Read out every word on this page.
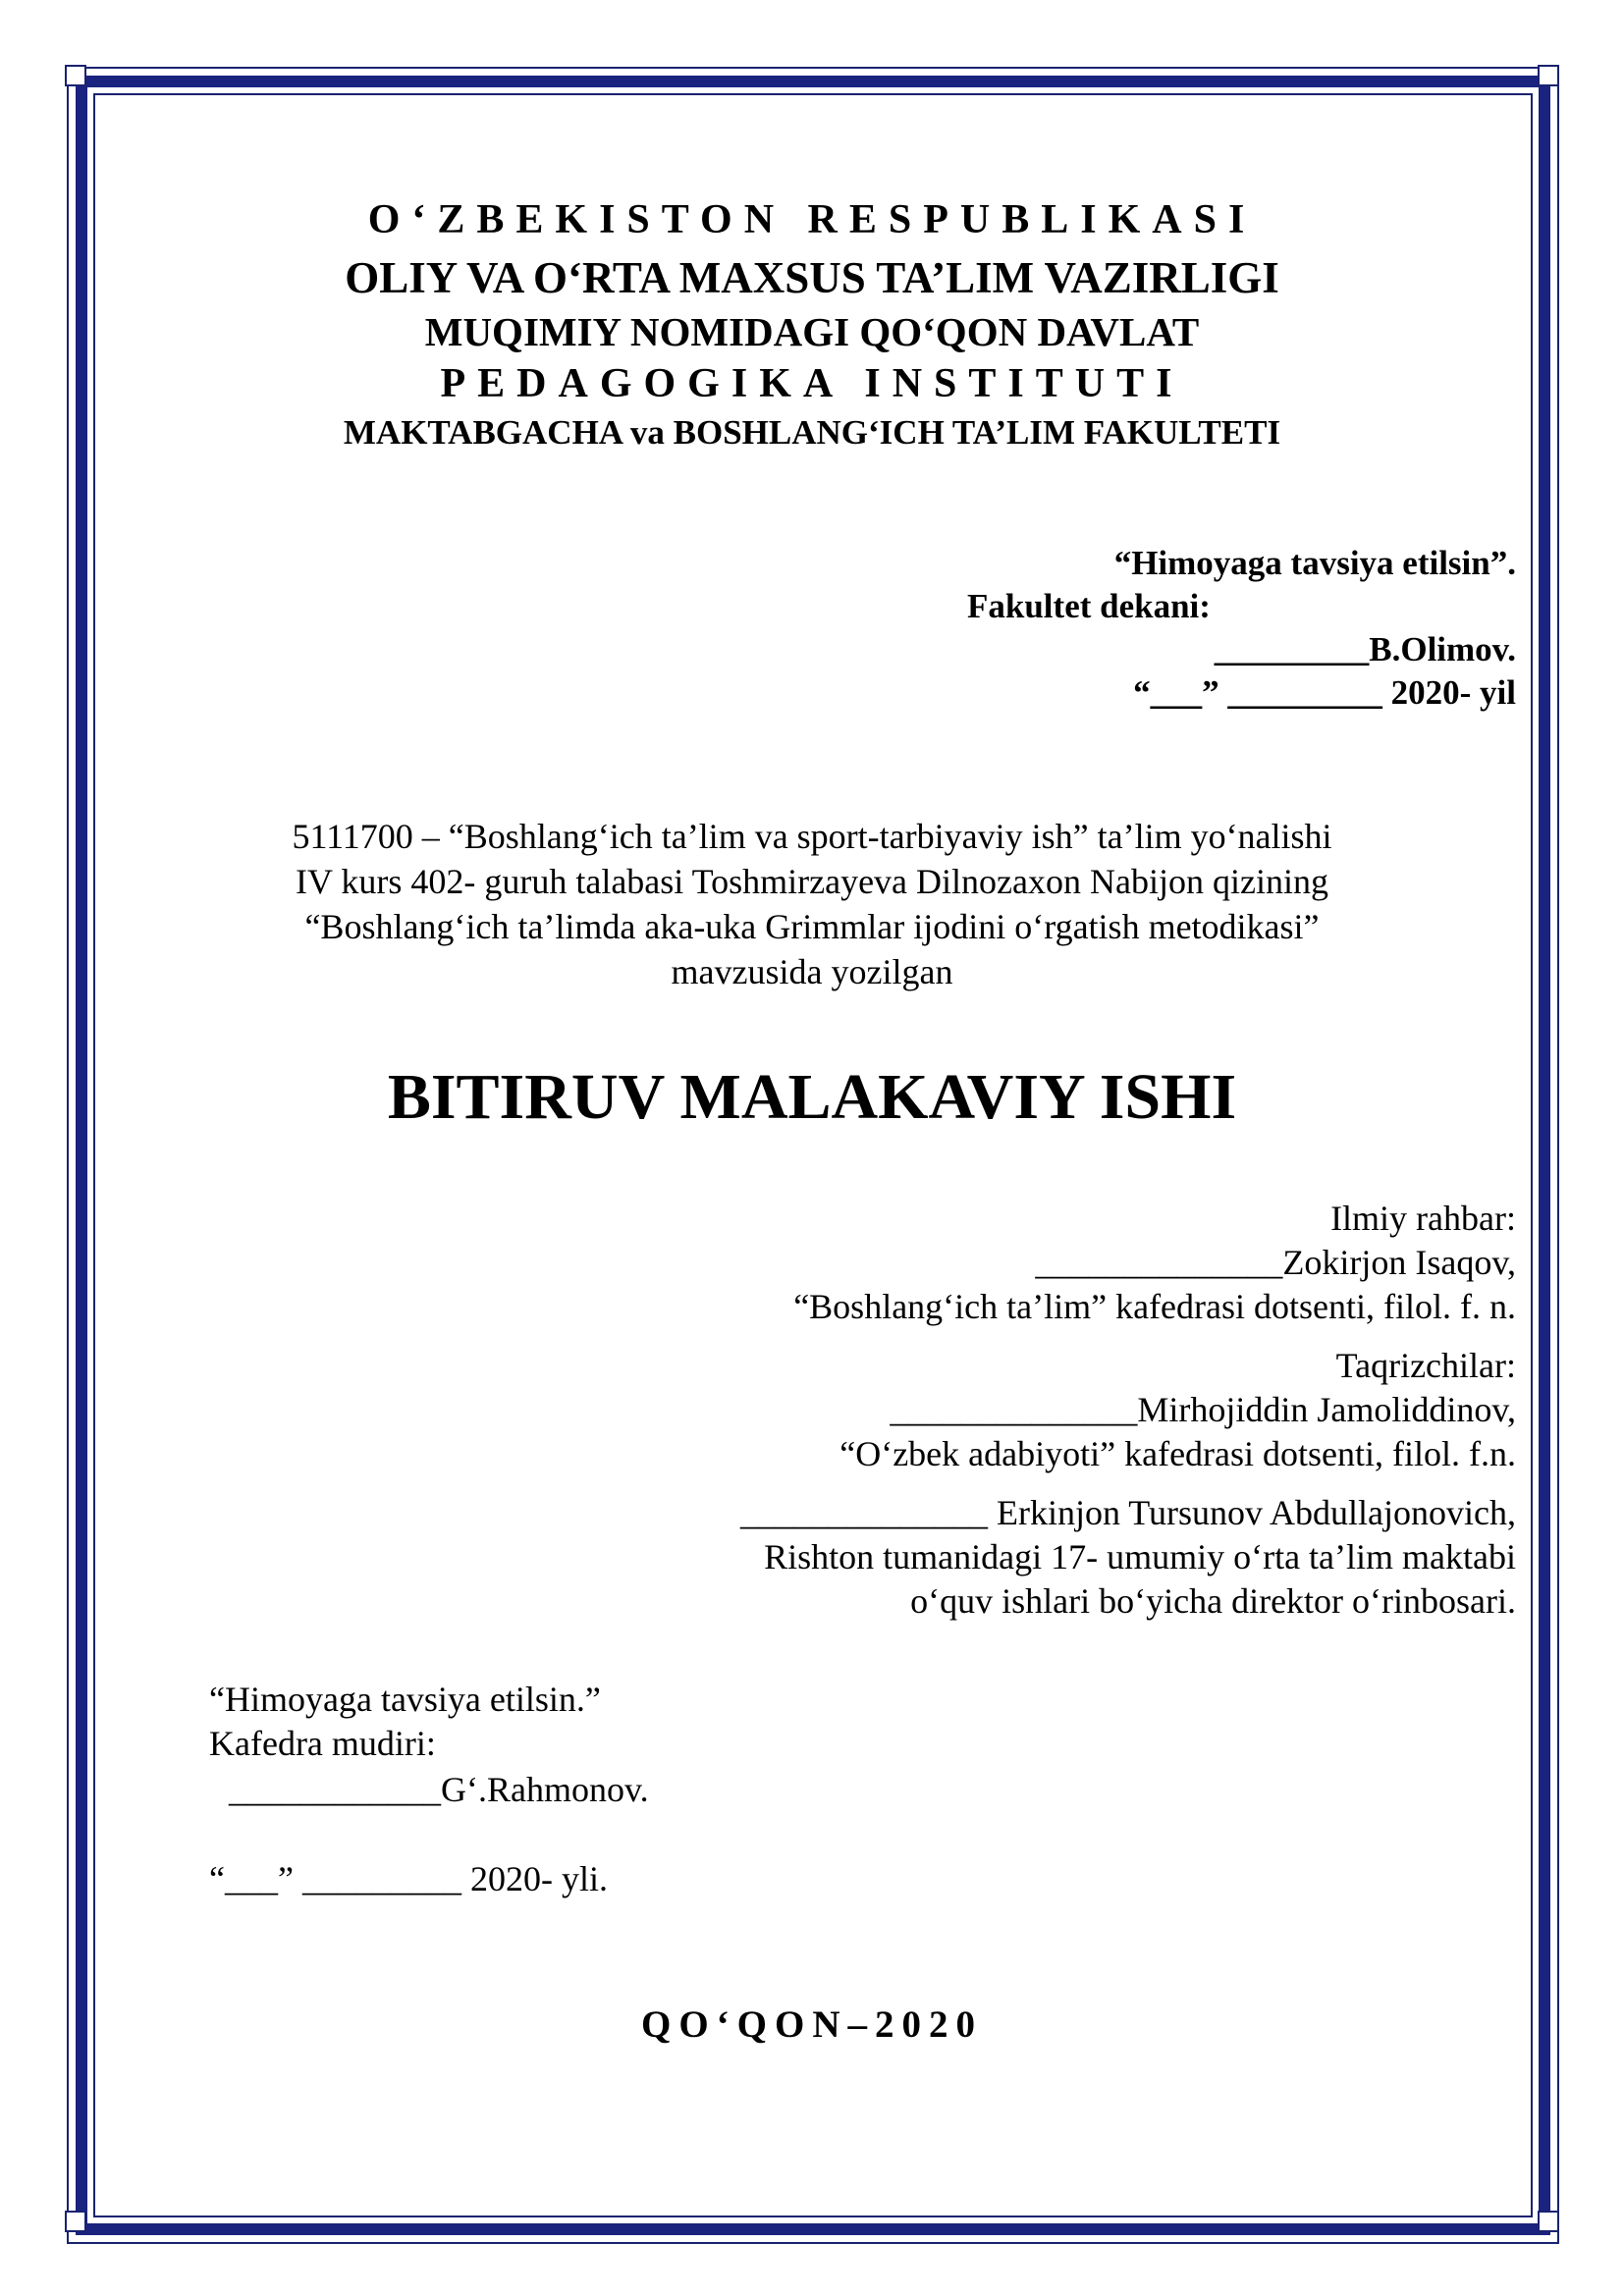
O‘ZBEKISTON RESPUBLIKASI
OLIY VA O‘RTA MAXSUS TA’LIM VAZIRLIGI
MUQIMIY NOMIDAGI QO‘QON DAVLAT
PEDAGOGIKA INSTITUTI
MAKTABGACHA va BOSHLANG‘ICH TA’LIM FAKULTETI
“Himoyaga tavsiya etilsin”.
Fakultet dekani:
_________B.Olimov.
“___” _________ 2020- yil
5111700 – “Boshlang‘ich ta’lim va sport-tarbiyaviy ish” ta’lim yo‘nalishi
IV kurs 402- guruh talabasi Toshmirzayeva Dilnozaxon Nabijon qizining
“Boshlang‘ich ta’limda aka-uka Grimmlar ijodini o‘rgatish metodikasi”
mavzusida yozilgan
BITIRUV MALAKAVIY ISHI
Ilmiy rahbar:
______________Zokirjon Isaqov,
“Boshlang‘ich ta’lim” kafedrasi dotsenti, filol. f. n.
Taqrizchilar:
______________Mirhojiddin Jamoliddinov,
“O‘zbek adabiyoti” kafedrasi dotsenti, filol. f.n.
______________ Erkinjon Tursunov Abdullajonovich,
Rishton tumanidagi 17- umumiy o‘rta ta’lim maktabi
o‘quv ishlari bo‘yicha direktor o‘rinbosari.
“Himoyaga tavsiya etilsin.”
Kafedra mudiri:
____________G‘.Rahmonov.
“___” _________ 2020- yli.
QO‘QON–2020
